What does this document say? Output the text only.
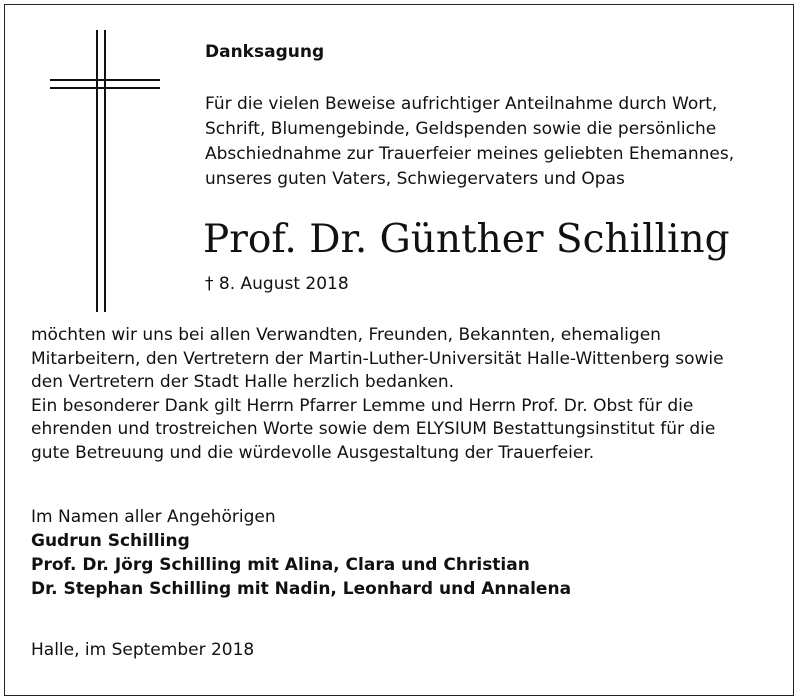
Danksagung
Für die vielen Beweise aufrichtiger Anteilnahme durch Wort,
Schrift, Blumengebinde, Geldspenden sowie die persönliche
Abschiednahme zur Trauerfeier meines geliebten Ehemannes,
unseres guten Vaters, Schwiegervaters und Opas
Prof. Dr. Günther Schilling
† 8. August 2018
möchten wir uns bei allen Verwandten, Freunden, Bekannten, ehemaligen
Mitarbeitern, den Vertretern der Martin-Luther-Universität Halle-Wittenberg sowie
den Vertretern der Stadt Halle herzlich bedanken.
Ein besonderer Dank gilt Herrn Pfarrer Lemme und Herrn Prof. Dr. Obst für die
ehrenden und trostreichen Worte sowie dem ELYSIUM Bestattungsinstitut für die
gute Betreuung und die würdevolle Ausgestaltung der Trauerfeier.
Im Namen aller Angehörigen
Gudrun Schilling
Prof. Dr. Jörg Schilling mit Alina, Clara und Christian
Dr. Stephan Schilling mit Nadin, Leonhard und Annalena
Halle, im September 2018
